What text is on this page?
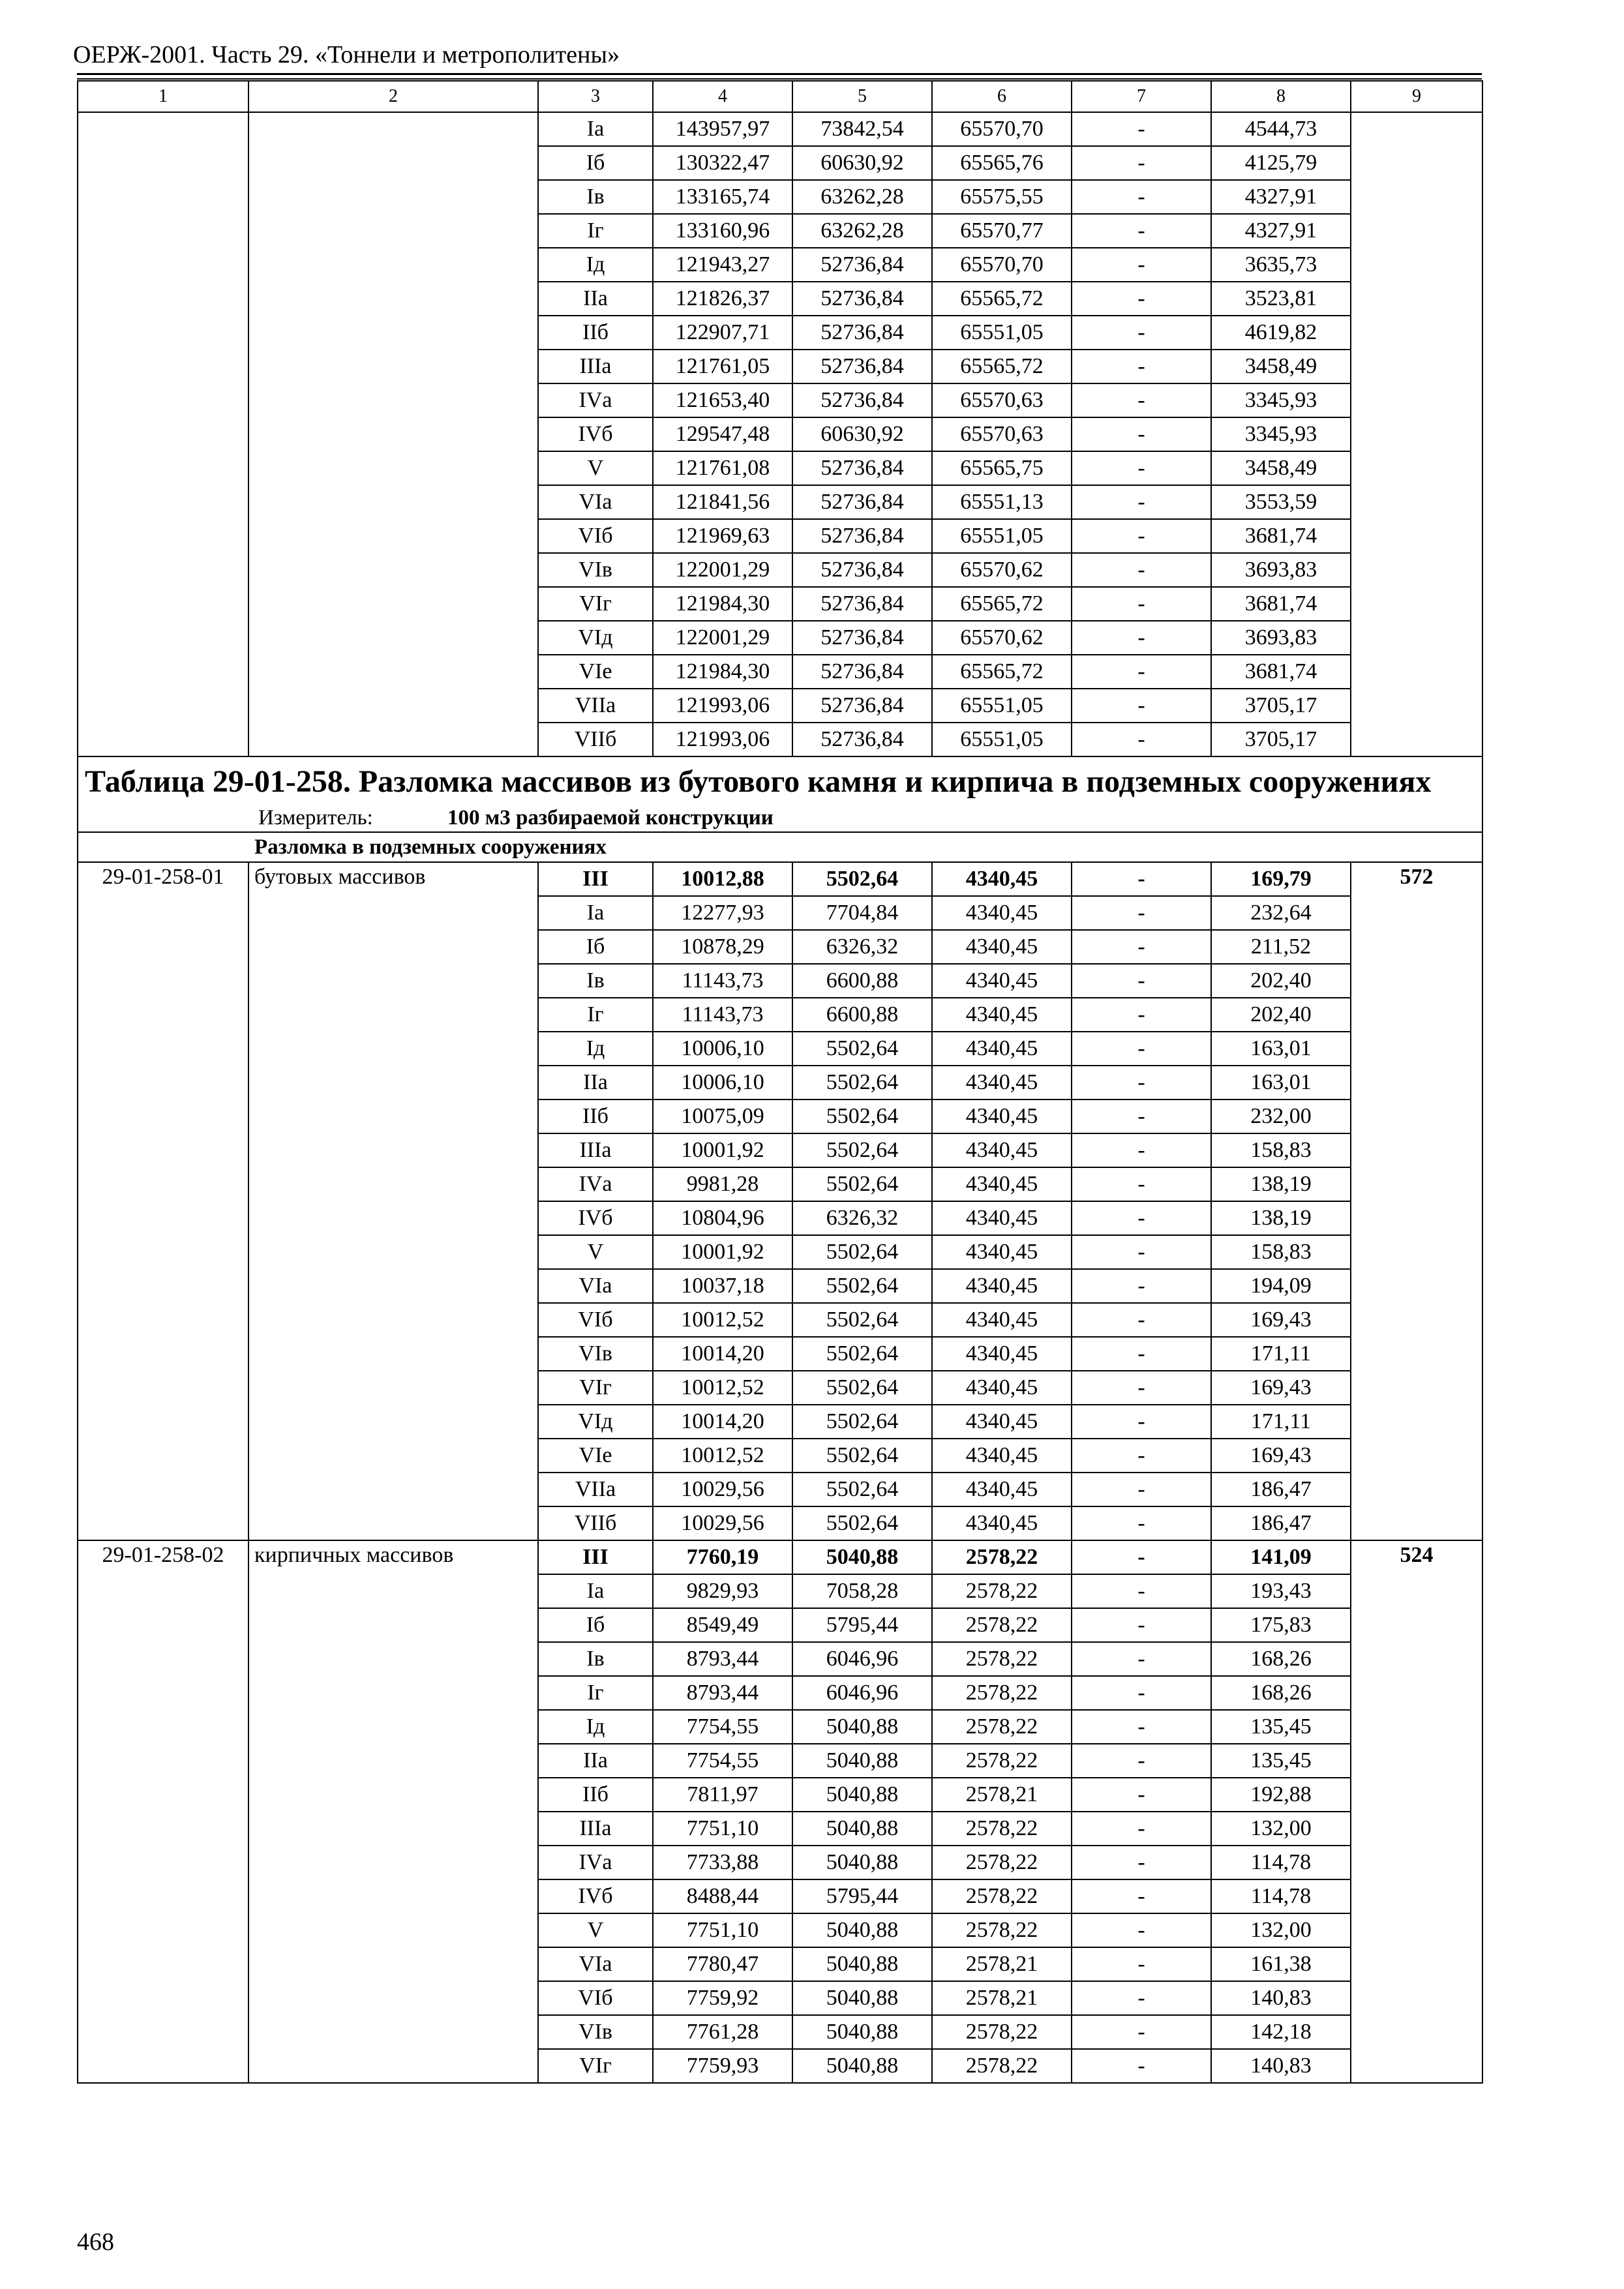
ОЕРЖ-2001. Часть 29. «Тоннели и метрополитены»
1	2	3	4	5	6	7	8	9
		Iа	143957,97	73842,54	65570,70	-	4544,73	
		Iб	130322,47	60630,92	65565,76	-	4125,79	
		Iв	133165,74	63262,28	65575,55	-	4327,91	
		Iг	133160,96	63262,28	65570,77	-	4327,91	
		Iд	121943,27	52736,84	65570,70	-	3635,73	
		IIа	121826,37	52736,84	65565,72	-	3523,81	
		IIб	122907,71	52736,84	65551,05	-	4619,82	
		IIIа	121761,05	52736,84	65565,72	-	3458,49	
		IVа	121653,40	52736,84	65570,63	-	3345,93	
		IVб	129547,48	60630,92	65570,63	-	3345,93	
		V	121761,08	52736,84	65565,75	-	3458,49	
		VIа	121841,56	52736,84	65551,13	-	3553,59	
		VIб	121969,63	52736,84	65551,05	-	3681,74	
		VIв	122001,29	52736,84	65570,62	-	3693,83	
		VIг	121984,30	52736,84	65565,72	-	3681,74	
		VIд	122001,29	52736,84	65570,62	-	3693,83	
		VIе	121984,30	52736,84	65565,72	-	3681,74	
		VIIа	121993,06	52736,84	65551,05	-	3705,17	
		VIIб	121993,06	52736,84	65551,05	-	3705,17	
Таблица 29-01-258. Разломка массивов из бутового камня и кирпича в подземных сооружениях								
Измеритель: 100 м3 разбираемой конструкции								
Разломка в подземных сооружениях								
29-01-258-01	бутовых массивов	III	10012,88	5502,64	4340,45	-	169,79	572
		Iа	12277,93	7704,84	4340,45	-	232,64	
		Iб	10878,29	6326,32	4340,45	-	211,52	
		Iв	11143,73	6600,88	4340,45	-	202,40	
		Iг	11143,73	6600,88	4340,45	-	202,40	
		Iд	10006,10	5502,64	4340,45	-	163,01	
		IIа	10006,10	5502,64	4340,45	-	163,01	
		IIб	10075,09	5502,64	4340,45	-	232,00	
		IIIа	10001,92	5502,64	4340,45	-	158,83	
		IVа	9981,28	5502,64	4340,45	-	138,19	
		IVб	10804,96	6326,32	4340,45	-	138,19	
		V	10001,92	5502,64	4340,45	-	158,83	
		VIа	10037,18	5502,64	4340,45	-	194,09	
		VIб	10012,52	5502,64	4340,45	-	169,43	
		VIв	10014,20	5502,64	4340,45	-	171,11	
		VIг	10012,52	5502,64	4340,45	-	169,43	
		VIд	10014,20	5502,64	4340,45	-	171,11	
		VIе	10012,52	5502,64	4340,45	-	169,43	
		VIIа	10029,56	5502,64	4340,45	-	186,47	
		VIIб	10029,56	5502,64	4340,45	-	186,47	
29-01-258-02	кирпичных массивов	III	7760,19	5040,88	2578,22	-	141,09	524
		Iа	9829,93	7058,28	2578,22	-	193,43	
		Iб	8549,49	5795,44	2578,22	-	175,83	
		Iв	8793,44	6046,96	2578,22	-	168,26	
		Iг	8793,44	6046,96	2578,22	-	168,26	
		Iд	7754,55	5040,88	2578,22	-	135,45	
		IIа	7754,55	5040,88	2578,22	-	135,45	
		IIб	7811,97	5040,88	2578,21	-	192,88	
		IIIа	7751,10	5040,88	2578,22	-	132,00	
		IVа	7733,88	5040,88	2578,22	-	114,78	
		IVб	8488,44	5795,44	2578,22	-	114,78	
		V	7751,10	5040,88	2578,22	-	132,00	
		VIа	7780,47	5040,88	2578,21	-	161,38	
		VIб	7759,92	5040,88	2578,21	-	140,83	
		VIв	7761,28	5040,88	2578,22	-	142,18	
		VIг	7759,93	5040,88	2578,22	-	140,83	
468
